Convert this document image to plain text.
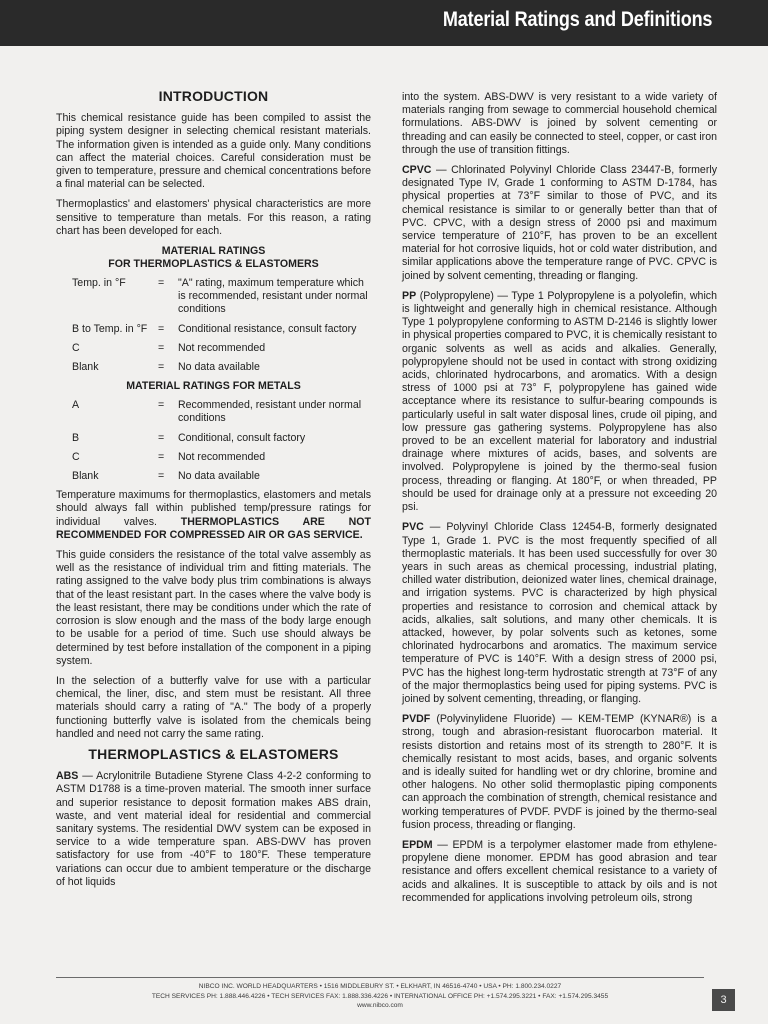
Material Ratings and Definitions
INTRODUCTION

This chemical resistance guide has been compiled to assist the piping system designer in selecting chemical resistant materials. The information given is intended as a guide only. Many conditions can affect the material choices. Careful consideration must be given to temperature, pressure and chemical concentrations before a final material can be selected.

Thermoplastics' and elastomers' physical characteristics are more sensitive to temperature than metals. For this reason, a rating chart has been developed for each.

MATERIAL RATINGS
FOR THERMOPLASTICS & ELASTOMERS
Temp. in °F	=	"A" rating, maximum temperature which is recommended, resistant under normal conditions
B to Temp. in °F	=	Conditional resistance, consult factory
C	=	Not recommended
Blank	=	No data available
MATERIAL RATINGS FOR METALS
A	=	Recommended, resistant under normal conditions
B	=	Conditional, consult factory
C	=	Not recommended
Blank	=	No data available

Temperature maximums for thermoplastics, elastomers and metals should always fall within published temp/pressure ratings for individual valves. THERMOPLASTICS ARE NOT RECOMMENDED FOR COMPRESSED AIR OR GAS SERVICE.

This guide considers the resistance of the total valve assembly as well as the resistance of individual trim and fitting materials. The rating assigned to the valve body plus trim combinations is always that of the least resistant part. In the cases where the valve body is the least resistant, there may be conditions under which the rate of corrosion is slow enough and the mass of the body large enough to be usable for a period of time. Such use should always be determined by test before installation of the component in a piping system.

In the selection of a butterfly valve for use with a particular chemical, the liner, disc, and stem must be resistant. All three materials should carry a rating of "A." The body of a properly functioning butterfly valve is isolated from the chemicals being handled and need not carry the same rating.

THERMOPLASTICS & ELASTOMERS

ABS — Acrylonitrile Butadiene Styrene Class 4-2-2 conforming to ASTM D1788 is a time-proven material. The smooth inner surface and superior resistance to deposit formation makes ABS drain, waste, and vent material ideal for residential and commercial sanitary systems. The residential DWV system can be exposed in service to a wide temperature span. ABS-DWV has proven satisfactory for use from -40°F to 180°F. These temperature variations can occur due to ambient temperature or the discharge of hot liquids

into the system. ABS-DWV is very resistant to a wide variety of materials ranging from sewage to commercial household chemical formulations. ABS-DWV is joined by solvent cementing or threading and can easily be connected to steel, copper, or cast iron through the use of transition fittings.

CPVC — Chlorinated Polyvinyl Chloride Class 23447-B, formerly designated Type IV, Grade 1 conforming to ASTM D-1784, has physical properties at 73°F similar to those of PVC, and its chemical resistance is similar to or generally better than that of PVC. CPVC, with a design stress of 2000 psi and maximum service temperature of 210°F, has proven to be an excellent material for hot corrosive liquids, hot or cold water distribution, and similar applications above the temperature range of PVC. CPVC is joined by solvent cementing, threading or flanging.

PP (Polypropylene) — Type 1 Polypropylene is a polyolefin, which is lightweight and generally high in chemical resistance. Although Type 1 polypropylene conforming to ASTM D-2146 is slightly lower in physical properties compared to PVC, it is chemically resistant to organic solvents as well as acids and alkalies. Generally, polypropylene should not be used in contact with strong oxidizing acids, chlorinated hydrocarbons, and aromatics. With a design stress of 1000 psi at 73° F, polypropylene has gained wide acceptance where its resistance to sulfur-bearing compounds is particularly useful in salt water disposal lines, crude oil piping, and low pressure gas gathering systems. Polypropylene has also proved to be an excellent material for laboratory and industrial drainage where mixtures of acids, bases, and solvents are involved. Polypropylene is joined by the thermo-seal fusion process, threading or flanging. At 180°F, or when threaded, PP should be used for drainage only at a pressure not exceeding 20 psi.

PVC — Polyvinyl Chloride Class 12454-B, formerly designated Type 1, Grade 1. PVC is the most frequently specified of all thermoplastic materials. It has been used successfully for over 30 years in such areas as chemical processing, industrial plating, chilled water distribution, deionized water lines, chemical drainage, and irrigation systems. PVC is characterized by high physical properties and resistance to corrosion and chemical attack by acids, alkalies, salt solutions, and many other chemicals. It is attacked, however, by polar solvents such as ketones, some chlorinated hydrocarbons and aromatics. The maximum service temperature of PVC is 140°F. With a design stress of 2000 psi, PVC has the highest long-term hydrostatic strength at 73°F of any of the major thermoplastics being used for piping systems. PVC is joined by solvent cementing, threading, or flanging.

PVDF (Polyvinylidene Fluoride) — KEM-TEMP (KYNAR®) is a strong, tough and abrasion-resistant fluorocarbon material. It resists distortion and retains most of its strength to 280°F. It is chemically resistant to most acids, bases, and organic solvents and is ideally suited for handling wet or dry chlorine, bromine and other halogens. No other solid thermoplastic piping components can approach the combination of strength, chemical resistance and working temperatures of PVDF. PVDF is joined by the thermo-seal fusion process, threading or flanging.

EPDM — EPDM is a terpolymer elastomer made from ethylene-propylene diene monomer. EPDM has good abrasion and tear resistance and offers excellent chemical resistance to a variety of acids and alkalines. It is susceptible to attack by oils and is not recommended for applications involving petroleum oils, strong

NIBCO INC. WORLD HEADQUARTERS • 1516 MIDDLEBURY ST. • ELKHART, IN 46516-4740 • USA • PH: 1.800.234.0227
TECH SERVICES PH: 1.888.446.4226 • TECH SERVICES FAX: 1.888.336.4226 • INTERNATIONAL OFFICE PH: +1.574.295.3221 • FAX: +1.574.295.3455
www.nibco.com	3
